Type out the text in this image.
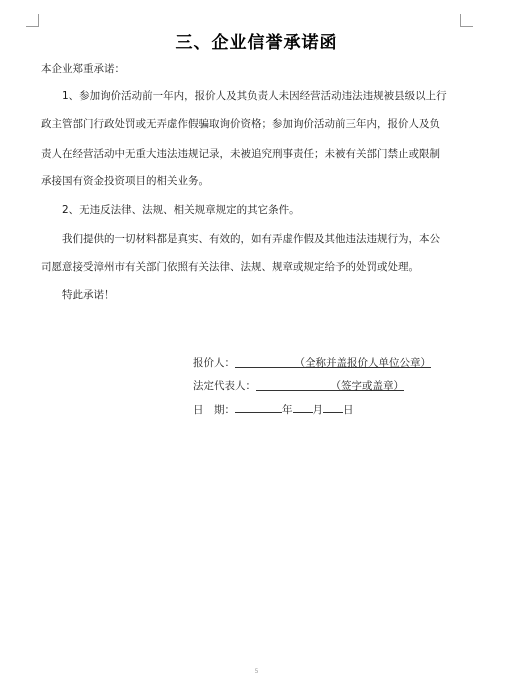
三、企业信誉承诺函
本企业郑重承诺：
1、参加询价活动前一年内，报价人及其负责人未因经营活动违法违规被县级以上行
政主管部门行政处罚或无弄虚作假骗取询价资格；参加询价活动前三年内，报价人及负
责人在经营活动中无重大违法违规记录，未被追究刑事责任；未被有关部门禁止或限制
承接国有资金投资项目的相关业务。
2、无违反法律、法规、相关规章规定的其它条件。
我们提供的一切材料都是真实、有效的，如有弄虚作假及其他违法违规行为，本公
司愿意接受漳州市有关部门依照有关法律、法规、规章或规定给予的处罚或处理。
特此承诺！
报价人：	（全称并盖报价人单位公章）
法定代表人：	（签字或盖章）
日　期：	年 月 日
5
